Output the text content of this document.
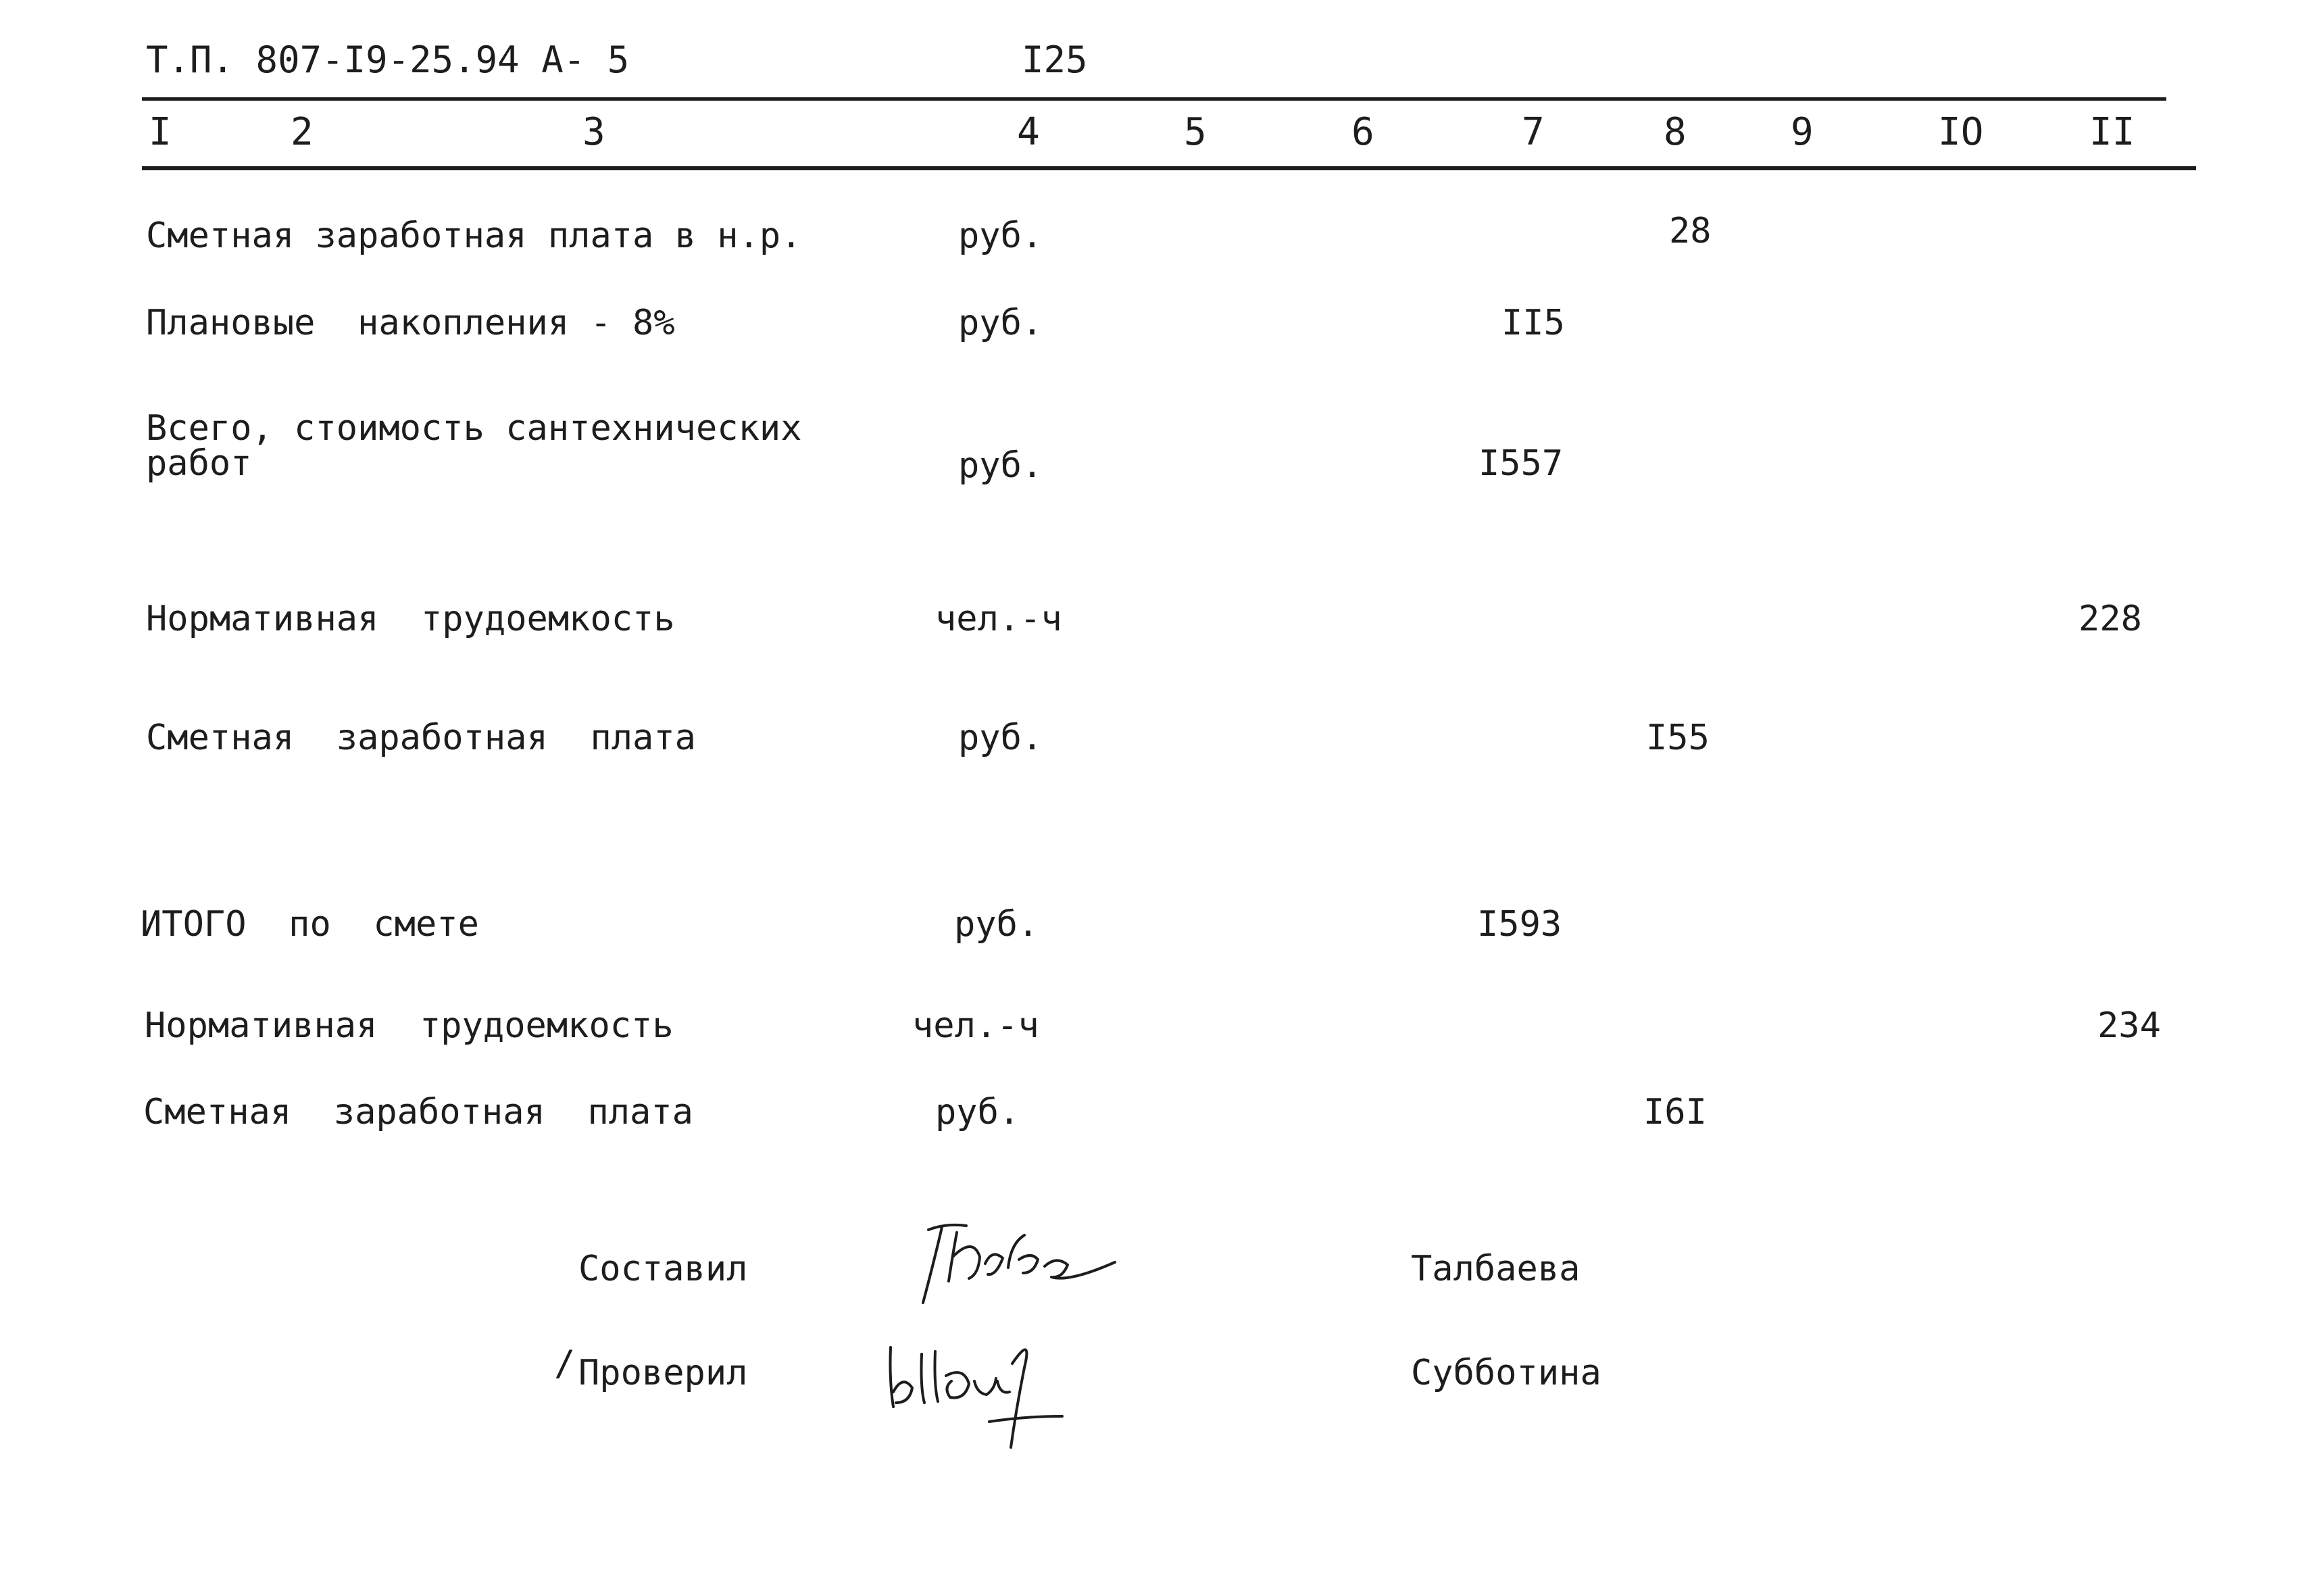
Т.П. 807-I9-25.94 А- 5	I25
I	2	3	4	5	6	7	8	9	IO	II
Сметная заработная плата в н.р.	руб.	28
Плановые  накопления - 8%	руб.	II5
Всего, стоимость сантехнических
работ	руб.	I557
Нормативная  трудоемкость	чел.-ч	228
Сметная  заработная  плата	руб.	I55
ИТОГО  по  смете	руб.	I593
Нормативная  трудоемкость	чел.-ч	234
Сметная  заработная  плата	руб.	I6I
Составил	Талбаева
/ Проверил	Субботина
